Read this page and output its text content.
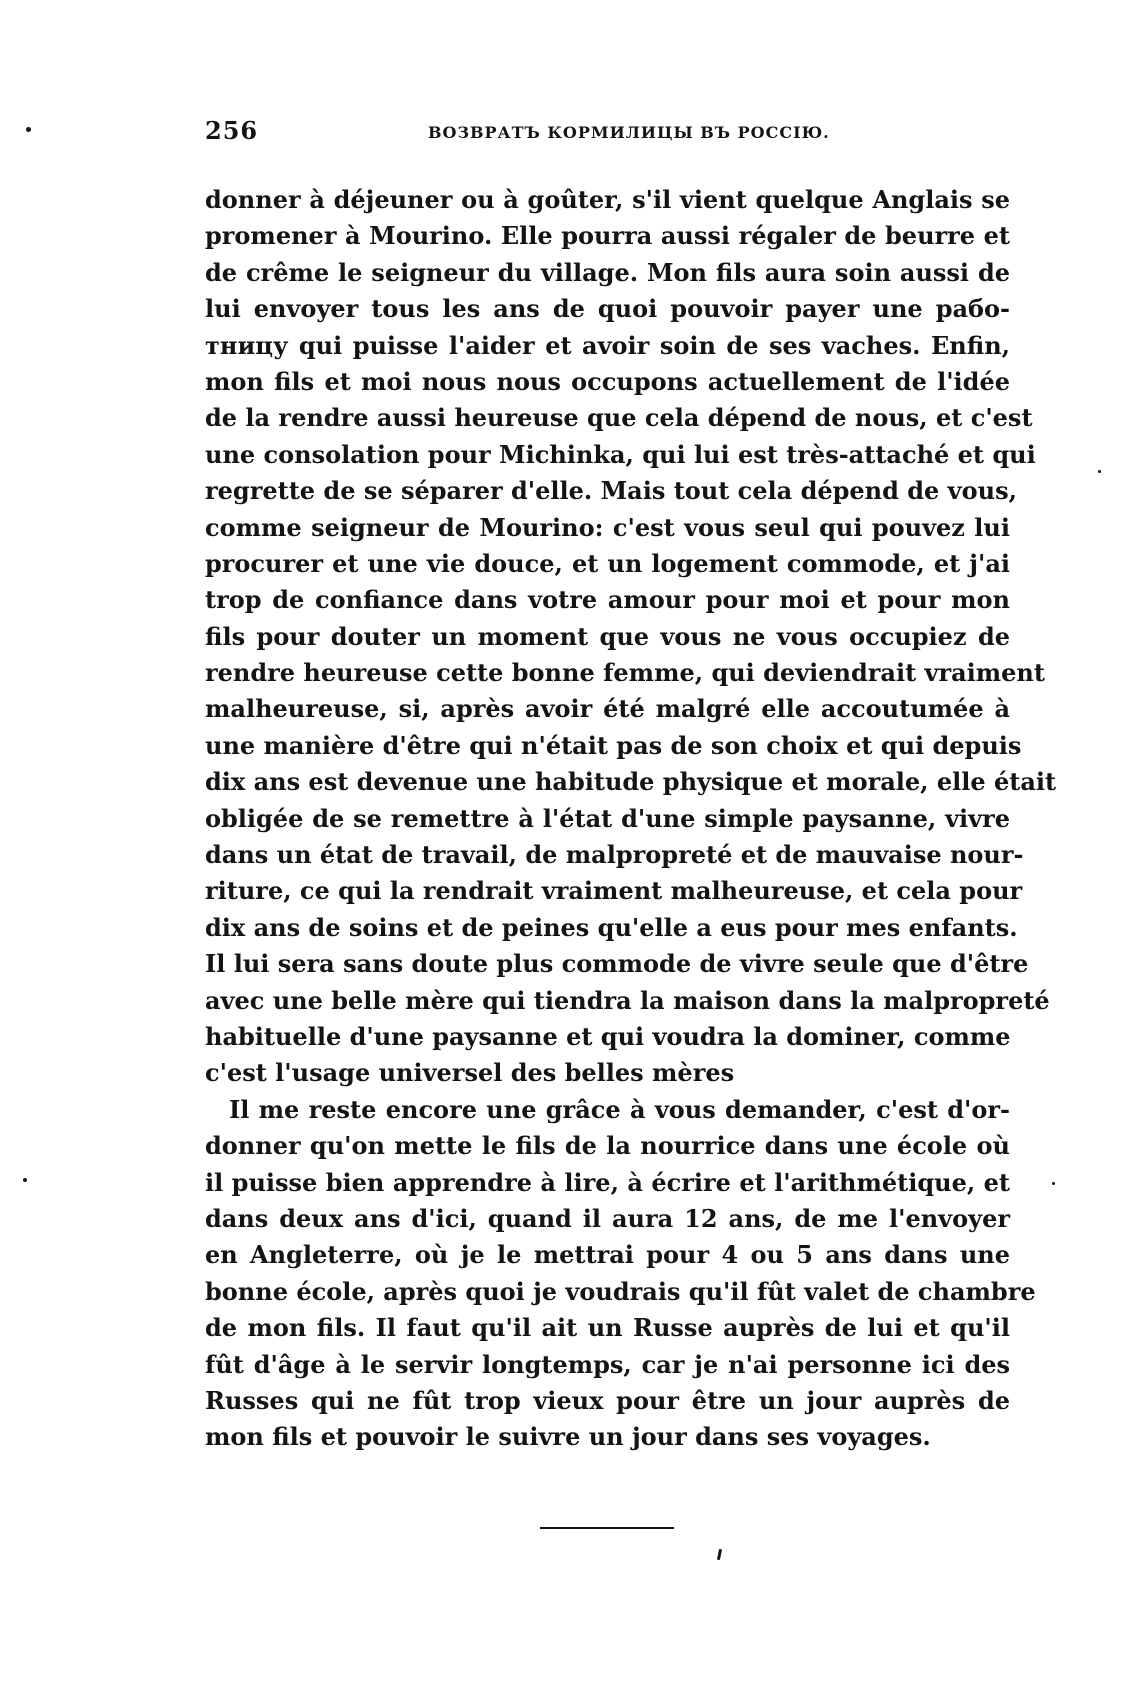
256	ВОЗВРАТЪ КОРМИЛИЦЫ ВЪ РОССІЮ.
donner à déjeuner ou à goûter, s'il vient quelque Anglais se
promener à Mourino. Elle pourra aussi régaler de beurre et
de crême le seigneur du village. Mon fils aura soin aussi de
lui envoyer tous les ans de quoi pouvoir payer une рабо-
тницу qui puisse l'aider et avoir soin de ses vaches. Enfin,
mon fils et moi nous nous occupons actuellement de l'idée
de la rendre aussi heureuse que cela dépend de nous, et c'est
une consolation pour Michinka, qui lui est très-attaché et qui
regrette de se séparer d'elle. Mais tout cela dépend de vous,
comme seigneur de Mourino: c'est vous seul qui pouvez lui
procurer et une vie douce, et un logement commode, et j'ai
trop de confiance dans votre amour pour moi et pour mon
fils pour douter un moment que vous ne vous occupiez de
rendre heureuse cette bonne femme, qui deviendrait vraiment
malheureuse, si, après avoir été malgré elle accoutumée à
une manière d'être qui n'était pas de son choix et qui depuis
dix ans est devenue une habitude physique et morale, elle était
obligée de se remettre à l'état d'une simple paysanne, vivre
dans un état de travail, de malpropreté et de mauvaise nour-
riture, ce qui la rendrait vraiment malheureuse, et cela pour
dix ans de soins et de peines qu'elle a eus pour mes enfants.
Il lui sera sans doute plus commode de vivre seule que d'être
avec une belle mère qui tiendra la maison dans la malpropreté
habituelle d'une paysanne et qui voudra la dominer, comme
c'est l'usage universel des belles mères
Il me reste encore une grâce à vous demander, c'est d'or-
donner qu'on mette le fils de la nourrice dans une école où
il puisse bien apprendre à lire, à écrire et l'arithmétique, et
dans deux ans d'ici, quand il aura 12 ans, de me l'envoyer
en Angleterre, où je le mettrai pour 4 ou 5 ans dans une
bonne école, après quoi je voudrais qu'il fût valet de chambre
de mon fils. Il faut qu'il ait un Russe auprès de lui et qu'il
fût d'âge à le servir longtemps, car je n'ai personne ici des
Russes qui ne fût trop vieux pour être un jour auprès de
mon fils et pouvoir le suivre un jour dans ses voyages.
